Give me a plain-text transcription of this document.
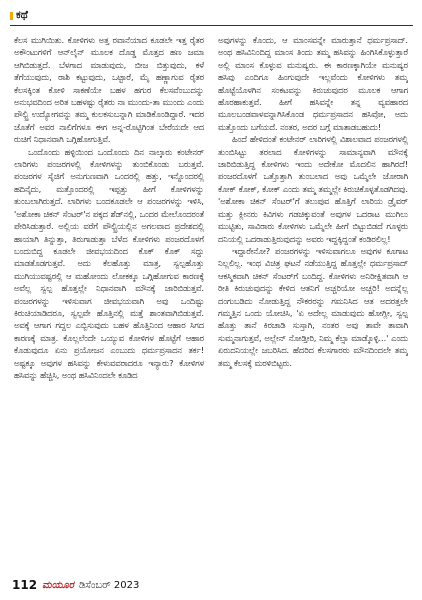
ಕಥೆ

ಕೆಲಸ ಮುಗಿಯಿತು. ಕೋಳಿಗಳು ಅತ್ತ ರವಾನೆಯಾದ ಕೂಡಲೇ ಇತ್ತ ರೈತರ ಅಕೌಂಟುಗಳಿಗೆ ಆನ್‌ಲೈನ್ ಮೂಲಕ ದೊಡ್ಡ ಮೊತ್ತದ ಹಣ ಜಮಾ ಆಗಿಬಿಡುತ್ತದೆ. ಬೆಳಗಾದ ಮಾಡುವುದು, ಬೀಜ ಬಿತ್ತುವುದು, ಕಳೆ ತೆಗೆಯುವುದು, ರಾಶಿ ಕಟ್ಟುವುದು, ಒಟ್ಟಾರೆ, ಮೈ ಹಣ್ಣಾಗುವ ರೈತರ ಕೆಲಸಕ್ಕಿಂತ ಕೋಳಿ ಸಾಕಣೆಯೇ ಬಹಳ ಹಗುರ ಕೆಲಸವೆಂಬುದನ್ನು ಅನುಭವದಿಂದ ಅರಿತ ಬಹಳಷ್ಟು ರೈತರು ನಾ ಮುಂದು-ತಾ ಮುಂದು ಎಂದು ಪೌಲ್ಟ್ರಿ ಉದ್ಯೋಗವನ್ನು ತಮ್ಮ ಕುಲಕಸುಬನ್ನಾಗಿ ಮಾಡಿಕೊಂಡಿದ್ದಾರೆ. ಇದರ ಜೊತೆಗೆ ಅವರ ನಾಲಿಗೆಗಳೂ ಈಗ ಅನ್ನ-ರೊಟ್ಟಿಗಿಂತ ಬೇರೆಯದೇ ಆದ ರುಚಿಗೆ ನಿಧಾನವಾಗಿ ಒಗ್ಗಿಹೋಗುತ್ತಿವೆ.

ಒಂದೊಂದು ಹಳ್ಳಿಯಿಂದ ಒಂದೊಂದು ದಿನ ನಾಲ್ಕಾರು ಕಂಟೇನರ್ ಲಾರಿಗಳು ಪಂಜರಗಳಲ್ಲಿ ಕೋಳಿಗಳನ್ನು ತುಂಬಿಕೊಂಡು ಬರುತ್ತವೆ. ಪಂಜರಗಳ ಸೈಜಿಗೆ ಅನುಗುಣವಾಗಿ ಒಂದರಲ್ಲಿ ಹತ್ತು, ಇನ್ನೊಂದರಲ್ಲಿ ಹದಿನೈದು, ಮತ್ತೊಂದರಲ್ಲಿ ಇಪ್ಪತ್ತು ಹೀಗೆ ಕೋಳಿಗಳನ್ನು ತುಂಬಲಾಗಿರುತ್ತದೆ. ಲಾರಿಗಳು ಬಂದಕೂಡಲೇ ಆ ಪಂಜರಗಳನ್ನು ಇಳಿಸಿ, 'ಅಶೋಕಾ ಚಿಕನ್ ಸೆಂಟರ್'ನ ಪಕ್ಕದ ಶೆಡ್‌ನಲ್ಲಿ, ಒಂದರ ಮೇಲೊಂದರಂತೆ ಪೇರಿಸಿಡುತ್ತಾರೆ. ಅಲ್ಲಿಯ ವರೆಗೆ ಪೌಲ್ಟ್ರಿಯಲ್ಲಿನ ಅಗಲವಾದ ಪ್ರದೇಶದಲ್ಲಿ ಹಾಯಾಗಿ ತಿನ್ನುತ್ತಾ, ತಿರುಗಾಡುತ್ತಾ ಬೆಳೆದ ಕೋಳಿಗಳು ಪಂಜರದೊಳಗೆ ಬಂದುಬಿದ್ದ ಕೂಡಲೇ ಜೀವಭಯದಿಂದ ಕೊಕ್ ಕೊಕ್ ಸದ್ದು ಮಾಡತೊಡಗುತ್ತವೆ. ಅದು ಕೆಲಹೊತ್ತು ಮಾತ್ರ, ಸ್ವಲ್ಪಹೊತ್ತು ಮುಗಿಯುವಷ್ಟರಲ್ಲಿ ಆ ಮಹೋಂದು ಲೋಕಕ್ಕೂ ಒಗ್ಗಿಹೋಗುವ ಕಾರಣಕ್ಕೆ ಅವೆಲ್ಲ ಸ್ವಲ್ಪ ಹೊತ್ತಲ್ಲೇ ನಿಧಾನವಾಗಿ ಮೌನಕ್ಕೆ ಜಾರಿಬಿಡುತ್ತವೆ. ಪಂಜರಗಳನ್ನು ಇಳಿಸುವಾಗ ಜೀವಭಯವಾಗಿ ಅವು ಒಂದಿಷ್ಟು ಕಿರುಚಿಯಾಡಿದರೂ, ಸ್ವಲ್ಪವೇ ಹೊತ್ತಿನಲ್ಲಿ ಮತ್ತೆ ಶಾಂತವಾಗಿಬಿಡುತ್ತವೆ. ಅವಕ್ಕೆ ಆಗಾಗ ಗದ್ದಲ ಎಬ್ಬಿಸುವುದು ಬಹಳ ಹೊತ್ತಿನಿಂದ ಆಹಾರ ಸಿಗದ ಕಾರಣಕ್ಕೆ ಮಾತ್ರ. ಕೊಲ್ಲಲೆಂದೇ ಒಯ್ಯುವ ಕೋಳಿಗಳ ಹೊಟ್ಟೆಗೆ ಆಹಾರ ಕೊಡುವುದೂ ಏನು ಪ್ರಯೋಜನ ಎಂಬುದು ಧರ್ಮಪ್ರಸಾದನ ತರ್ಕ! ಅಷ್ಟಕ್ಕೂ ಅವುಗಳ ಹಸಿವನ್ನು ಕೇಳುವವರಾದರೂ ಇನ್ಯಾರು? ಕೋಳಿಗಳ ಹಸಿವನ್ನು ಹೆಚ್ಚಿಸಿ, ಅಂಥ ಹಸಿವಿನಿಂದಲೇ ಕೂಡಿದ

ಅವುಗಳನ್ನು ಕೊಂದು, ಆ ಮಾಂಸವನ್ನೇ ಮಾರುತ್ತಾನೆ ಧರ್ಮಪ್ರಸಾದ್. ಅಂಥ ಹಸಿವಿನಿಂದಿದ್ದ ಮಾಂಸ ತಿಂದು ತಮ್ಮ ಹಸಿವನ್ನು ಹಿಂಗಿಸಿಕೊಳ್ಳುತ್ತಾರೆ ಅಲ್ಲಿ ಮಾಂಸ ಕೊಳ್ಳುವ ಮನುಷ್ಯರು. ಈ ಕಾರಣಕ್ಕಾಗಿಯೇ ಮನುಷ್ಯರ ಹಸಿವು ಎಂದಿಗೂ ಹಿಂಗುವುದೇ ಇಲ್ಲವೆಂದು ಕೋಳಿಗಳು ತಮ್ಮ ಹೊಟ್ಟೆಯೊಳಗಿನ ಸಂಕಟವನ್ನು ಕಿರುಚುವುದರ ಮೂಲಕ ಆಗಾಗ ಹೊರಹಾಕುತ್ತವೆ. ಹೀಗೆ ಹಸಿವನ್ನೇ ತನ್ನ ವ್ಯವಹಾರದ ಮೂಲಬಂಡವಾಳವನ್ನಾಗಿಸಿಕೊಂಡ ಧರ್ಮಪ್ರಸಾದನ ಹಸಿವೋ, ಅದು ಮತ್ತೊಂದು ಬಗೆಯದೆ. ನಂತರ, ಅದರ ಬಗ್ಗೆ ಮಾತಾಡಬಹುದು!

ಹಿಂದೆ ಹೇಳಿದಂತೆ ಕಂಟೇನರ್ ಲಾರಿಗಳಲ್ಲಿ ವಿಶಾಲವಾದ ಪಂಜರಗಳಲ್ಲಿ ತುಂಬಿಸಿಟ್ಟು ತರಲಾದ ಕೋಳಿಗಳನ್ನು ಸಾಮಾನ್ಯವಾಗಿ ಮೌನಕ್ಕೆ ಜಾರಿಬಿಡುತ್ತಿದ್ದ ಕೋಳಿಗಳು ಇಂದು ಅದೇಕೋ ಮೊದಲಿನ ಹಾಗಿರದೆ! ಪಂಜರದೊಳಗೆ ಒತ್ತೊತ್ತಾಗಿ ತುಂಬಲಾದ ಅವು ಒಮ್ಮೆಲೇ ಜೋರಾಗಿ ಕೋಕ್ ಕೋಕ್, ಕೋಕ್ ಎಂದು ತಮ್ಮ ತಮ್ಮಲ್ಲೇ ಕಿರುಚಿಕೊಳ್ಳತೊಡಗಿದವು. 'ಅಶೋಕಾ ಚಿಕನ್ ಸೆಂಟರ್'ಗೆ ತಲುಪುವ ಹೊತ್ತಿಗೆ ಲಾರಿಯ ಡ್ರೈವರ್ ಮತ್ತು ಕ್ಲೀನರು ಕಿವಿಗಳು ಗಡಚಿಕ್ಕುವಂತೆ ಅವುಗಳ ಒದರಾಟ ಮುಗಿಲು ಮುಟ್ಟಿತು, ಸಾವಿರಾರು ಕೋಳಿಗಳು ಒಮ್ಮೆಲೇ ಹೀಗೆ ಬಿಟ್ಟುಬಿಡದೆ ಗೂಳ್ಳರು ದನಿಯಲ್ಲಿ ಒದರಾಡುತ್ತಿರುವುದನ್ನು ಅವರು ಇದ್ದಕ್ಕಿದ್ದಂತೆ ಕಂಡಿರಲಿಲ್ಲ!

ಇದ್ದಾರೇನೋ? ಪಂಜರಗಳನ್ನು ಇಳಿಸುವಾಗಲೂ ಅವುಗಳ ಕೂಗಾಟ ನಿಲ್ಲಲಿಲ್ಲ. ಇಂಥ ವಿಚಿತ್ರ ಘಟನೆ ನಡೆಯುತ್ತಿದ್ದ ಹೊತ್ತಲ್ಲೇ ಧರ್ಮಪ್ರಸಾದ್ ಆಕಸ್ಮಿಕವಾಗಿ ಚಿಕನ್ ಸೆಂಟರ್‌ಗೆ ಬಂದಿದ್ದ. ಕೋಳಿಗಳು ಅನಿರೀಕ್ಷಿತವಾಗಿ ಆ ರೀತಿ ಕಿರುಚುವುದನ್ನು ಕೇಳಿದ ಆತನಿಗೆ ಅಚ್ಚರಿಯೋ ಅಚ್ಚರಿ! ಅದನ್ನೆಲ್ಲ ದಂಗುಬಡಿದು ನೋಡುತ್ತಿದ್ದ ನೌಕರರನ್ನು ಗಮನಿಸಿದ ಆತ ಅದರತ್ತಲೇ ಗಮ್ಮತ್ತಿನ ಒಂದು ಯೋಚಿಸಿ, 'ಏ ಅದೇಲ್ಲ ಮಾಡುವುದು ಹೋಗ್ಲೀ, ಸ್ವಲ್ಪ ಹೊತ್ತು ತಾನೆ ಕಿರಚಾಡಿ ಸುಸ್ತಾಗಿ, ನಂತರ ಅವು ತಾವೇ ತಾವಾಗಿ ಸುಮ್ಮನಾಗುತ್ತವೆ, ಅಲ್ಲೇನ್ ನೋಡ್ತೀರಿ, ನಿಮ್ಮ ಕೆಲ್ಸಾ ಮಾಡ್ಕೊಳ್ಳಿ...' ಎಂದು ಏರುದನಿಯಲ್ಲೇ ಜಬರಿಸಿದ. ಹೆದರಿದ ಕೆಲಸಗಾರರು ಮೌನದಿಂದಲೇ ತಮ್ಮ ತಮ್ಮ ಕೆಲಸಕ್ಕೆ ಮರಳಿಬಿಟ್ಟರು.

112 ಮಯೂರ ಡಿಸೆಂಬರ್ 2023
